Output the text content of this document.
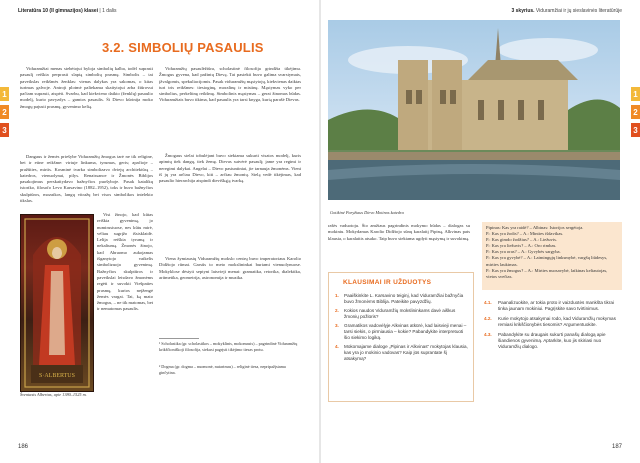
Literatūra 10 (II gimnazijos) klasei | 1 dalis	3 skyrius. Viduramžiai ir jų sieslavinės literatūrūje
1
2
3
1
2
3
3.2. SIMBOLIŲ PASAULIS

Viduramžiai menas stebėtojui byloja simbolių kalba, todėl suprasti pasaulį reiškia perprasti slaptą simbolių prasmę. Simbolis – tai paveikslas reikšmės ženklas: vienas dalykas yra sakomas, o kitas turimas galvoje. Antroji plotmė paliekama skaitytojui arba žiūrovui pačiam suprasti, atspėti. Svarbu, kad kiekvieno daikto (ženklų) pasaulio modelį, kurio pavyzdys – gamtos pasaulis. Ši Dievo kūrinija moko žmogų pajusti prasmę, gyvenimo kelią.

Dangaus ir žemės priešybe Viduramžių žmogus tarė ne tik religine, bet ir etine reikšme: virtuje linkuma, tyrumas, geris; apačioje – pražūties, mirtis. Kosminė tvarka simbolizavo dviejų architektūrą – katedros, vienuolynai, pilys. Renaissance ir Žmonės Biblijos pasakojimus perskaitydavo bažnyčios puošyboje. Pasak katalikų istoriko, filosofo Levo Karsavino (1882–1952), toks ir buvo bažnyčios skulptūros, mozaikos, langų vitražų bei visos simbolikos intelekto tikslas.

Visi žinojo, kad kūtas reiškia gyvenimą, jo numirusiuose, nes kūtu mirė, vėliau sugrįžo išsisklaidė. Lelija reiškia tyrumą ir nekaltumą. Žmonės žinojo, kad Abraomo aukojamas išganytojo vaikelis simbolizuoja gyvenimą. Bažnyčios skulptūros ir paveikslai leisdavo žmonėms regėti ir suvokti Viešpaties prasmę, kurios neįžengė žemės vargai. Tai, ką mato žmogus, – ne tik matomas, bet ir nematomas pasaulis.

S·ALBERTUS
Šventasis Albertas, apie 1380–1525 m.

Viduramžių pasaulėžiūra, scholastinė filosofija grindžia tikėjimu. Žmogus gyvena, kad pažintų Dievą. Tai pasiekti buvo galima svarstymais, įžvalgomis, spekuliacijomis. Pasak viduramžių mąstytojų, kiekvienas daiktas turi tris reikšmes: tiesioginę, moralinę ir mistinę. Mąstymas vyko per simbolius, perkeltinę reikšmę. Simbolinis mąstymas – gerai žinomas būdas. Viduramžiais buvo tikima, kad pasaulis yra tarsi knyga, kurią parašė Dievas.

Žmogaus sielai tobulėjant buvo siekiama sukurti visatos modelį, kuris apimtų tiek dangų, tiek žemę. Dievas sutvėrė pasaulį; jame yra regimi ir neregimi dalykai. Angelai – Dievo pasiuntiniai, jie tarnauja žmonėms. Vieni iš jų yra arčiau Dievo, kiti – arčiau žmonių. Sielą vedė tikėjimas, kad pasaulio hierarchija atspindi dieviškąją tvarką.

Viena žymiausių Viduramžių mokslo centrų buvo imperatoriaus Karolio Didžiojo rūmai. Garsūs to meto mokslininkai buriami vienuolynuose. Mokyklose dėstyti septyni laisvieji menai: gramatika, retorika, dialektika, aritmetika, geometrija, astronomija ir muzika.

¹ Scholastika (gr. scholastikos – mokyklinis, mokomasis) – pagrindinė Viduramžių krikščioniškoji filosofija, siekusi pagrįsti tikėjimo tiesas protu.
² Dogma (gr. dogma – nuomonė, nutarimas) – religinė tiesa, nepripažįstama ginčytina.
186	187
Gotikinė Paryžiaus Dievo Motinos katedra

rašės vaduotoju. Šio amžiaus pagrindinis mokymo būdas – dialogas su mokiniu. Mokydamas Karolio Didžiojo sūnų karalaitį Pipiną, Alkvinas pats klausia, o karalaitis atsako. Taip buvo siekiama ugdyti mąstymą ir suvokimą.

KLAUSIMAI IR UŽDUOTYS
1.	Paaiškinkite L. Karsavino teiginį, kad Viduramžiai bažnyčia buvo žmonėms Biblija. Pateikite pavyzdžių.
2.	Kokios naudos Viduramžių mokslininkams davė aiškus žmonių požiūris?
3.	Gramatikos vadovėlyje Alkvinas atkūrė, kad laisvieji menai – tarsi siekis, o pirmiausia – kokie? Pabandykite interpretuoti šio siekimo logiką.
4.	Mokomajame dialoge „Pipinas ir Alkvinas“ mokytojas klausia, kas yra jo mokinio vadovas? Kaip jūs suprantate šį atsakymą?
Pipinas: Kas yra raidė? – Albinas: Istorijos sergėtoja.
P.: Kas yra žodis? – A.: Minties išdavikas.
P.: Kas gimdo žodžius? – A.: Liežuvis.
P.: Kas yra liežuvis? – A.: Oro rimbas.
P.: Kas yra oras? – A.: Gyvybės sargyba.
P.: Kas yra gyvybė? – A.: Laimingųjų linksmybė, vargšų liūdesys, mirties laukimas.
P.: Kas yra žmogus? – A.: Mirties nuosavybė, laikinas keliautojas, vietos svečias.
4.1.	Paanalizuokite, ar tokia proto ir vaizduotės mankšta tikrai tinka jaunam mokiniui. Pagrįskite savo tvirtinimus.
4.2.	Kurie mokytojo atsakymai rodo, kad Viduramžių mokymas remiasi krikščionybės tiesomis? Argumentuokite.
4.3.	Pabandykite su draugais sukurti panašų dialogą apie šiandienos gyvenimą. Aptarkite, kuo jis skiriasi nuo Viduramžių dialogo.
